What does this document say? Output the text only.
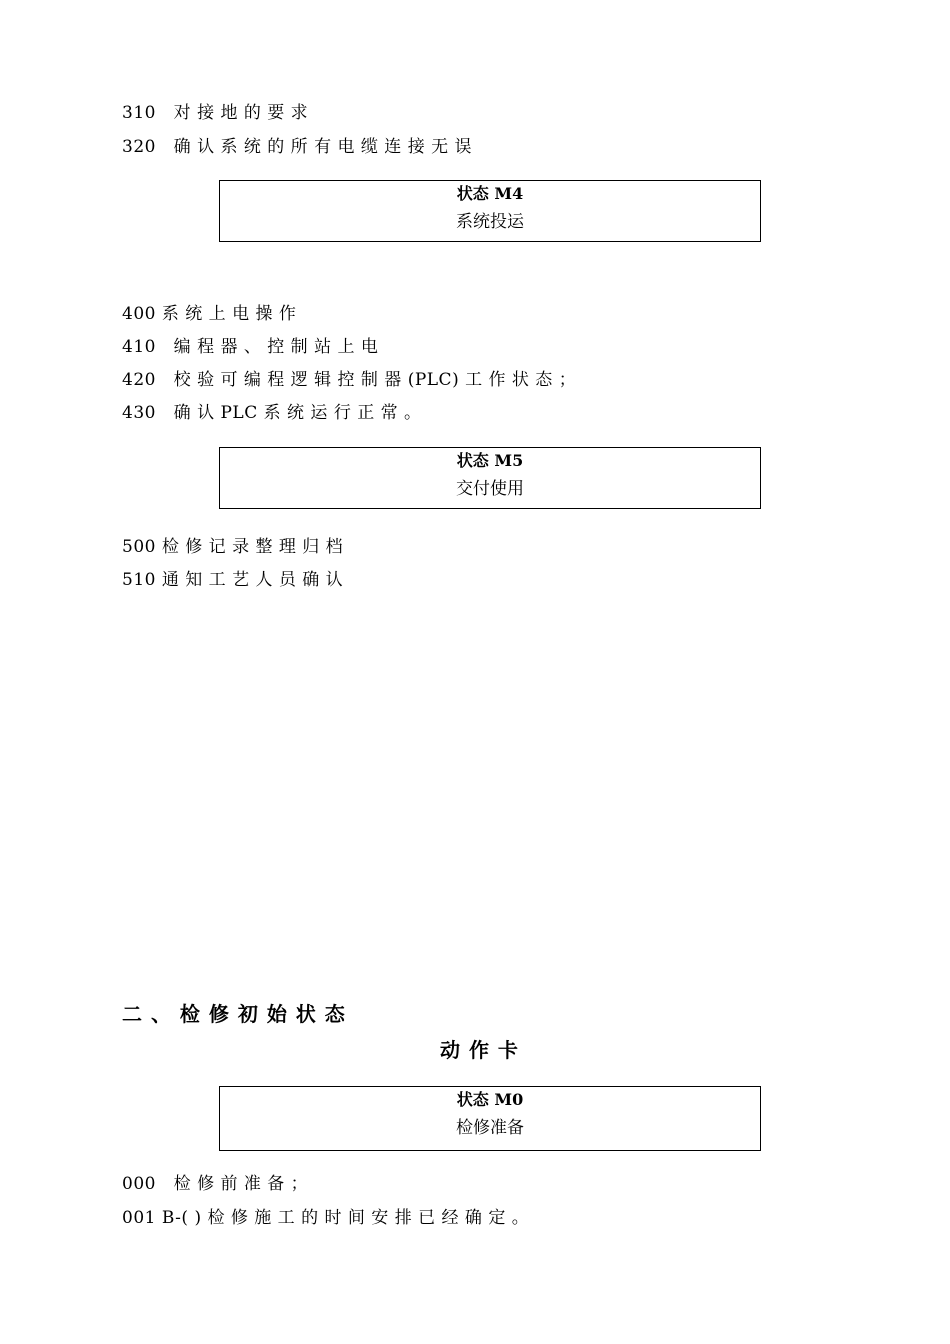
310   对 接 地 的 要 求
320   确 认 系 统 的 所 有 电 缆 连 接 无 误
状态 M4
系统投运
400 系 统 上 电 操 作
410   编 程 器 、 控 制 站 上 电
420   校 验 可 编 程 逻 辑 控 制 器 (PLC) 工 作 状 态 ；
430   确 认 PLC 系 统 运 行 正 常 。
状态 M5
交付使用
500 检 修 记 录 整 理 归 档
510 通 知 工 艺 人 员 确 认
二 、 检 修 初 始 状 态
动 作 卡
状态 M0
检修准备
000   检 修 前 准 备 ；
001 B-( ) 检 修 施 工 的 时 间 安 排 已 经 确 定 。
